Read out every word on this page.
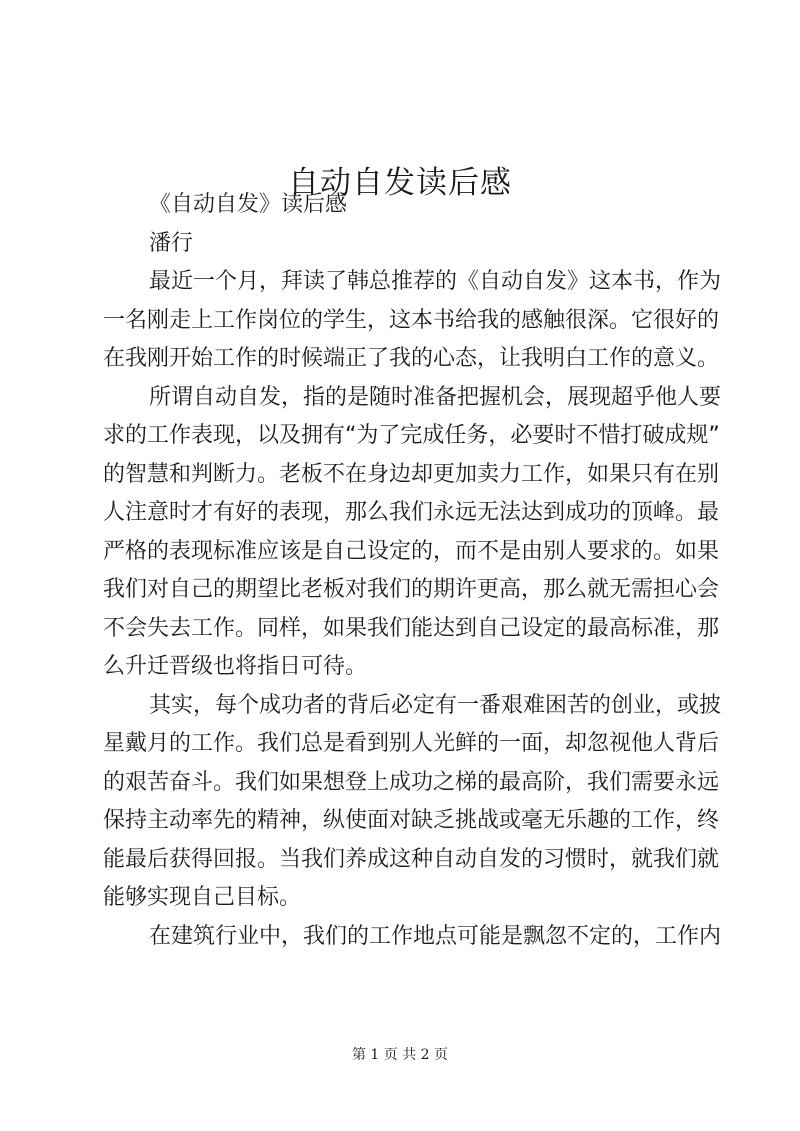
自动自发读后感
《自动自发》读后感
潘行
最近一个月，拜读了韩总推荐的《自动自发》这本书，作为
一名刚走上工作岗位的学生，这本书给我的感触很深。它很好的
在我刚开始工作的时候端正了我的心态，让我明白工作的意义。
所谓自动自发，指的是随时准备把握机会，展现超乎他人要
求的工作表现，以及拥有“为了完成任务，必要时不惜打破成规”
的智慧和判断力。老板不在身边却更加卖力工作，如果只有在别
人注意时才有好的表现，那么我们永远无法达到成功的顶峰。最
严格的表现标准应该是自己设定的，而不是由别人要求的。如果
我们对自己的期望比老板对我们的期许更高，那么就无需担心会
不会失去工作。同样，如果我们能达到自己设定的最高标准，那
么升迁晋级也将指日可待。
其实，每个成功者的背后必定有一番艰难困苦的创业，或披
星戴月的工作。我们总是看到别人光鲜的一面，却忽视他人背后
的艰苦奋斗。我们如果想登上成功之梯的最高阶，我们需要永远
保持主动率先的精神，纵使面对缺乏挑战或毫无乐趣的工作，终
能最后获得回报。当我们养成这种自动自发的习惯时，就我们就
能够实现自己目标。
在建筑行业中，我们的工作地点可能是飘忽不定的，工作内
第 1 页 共 2 页
